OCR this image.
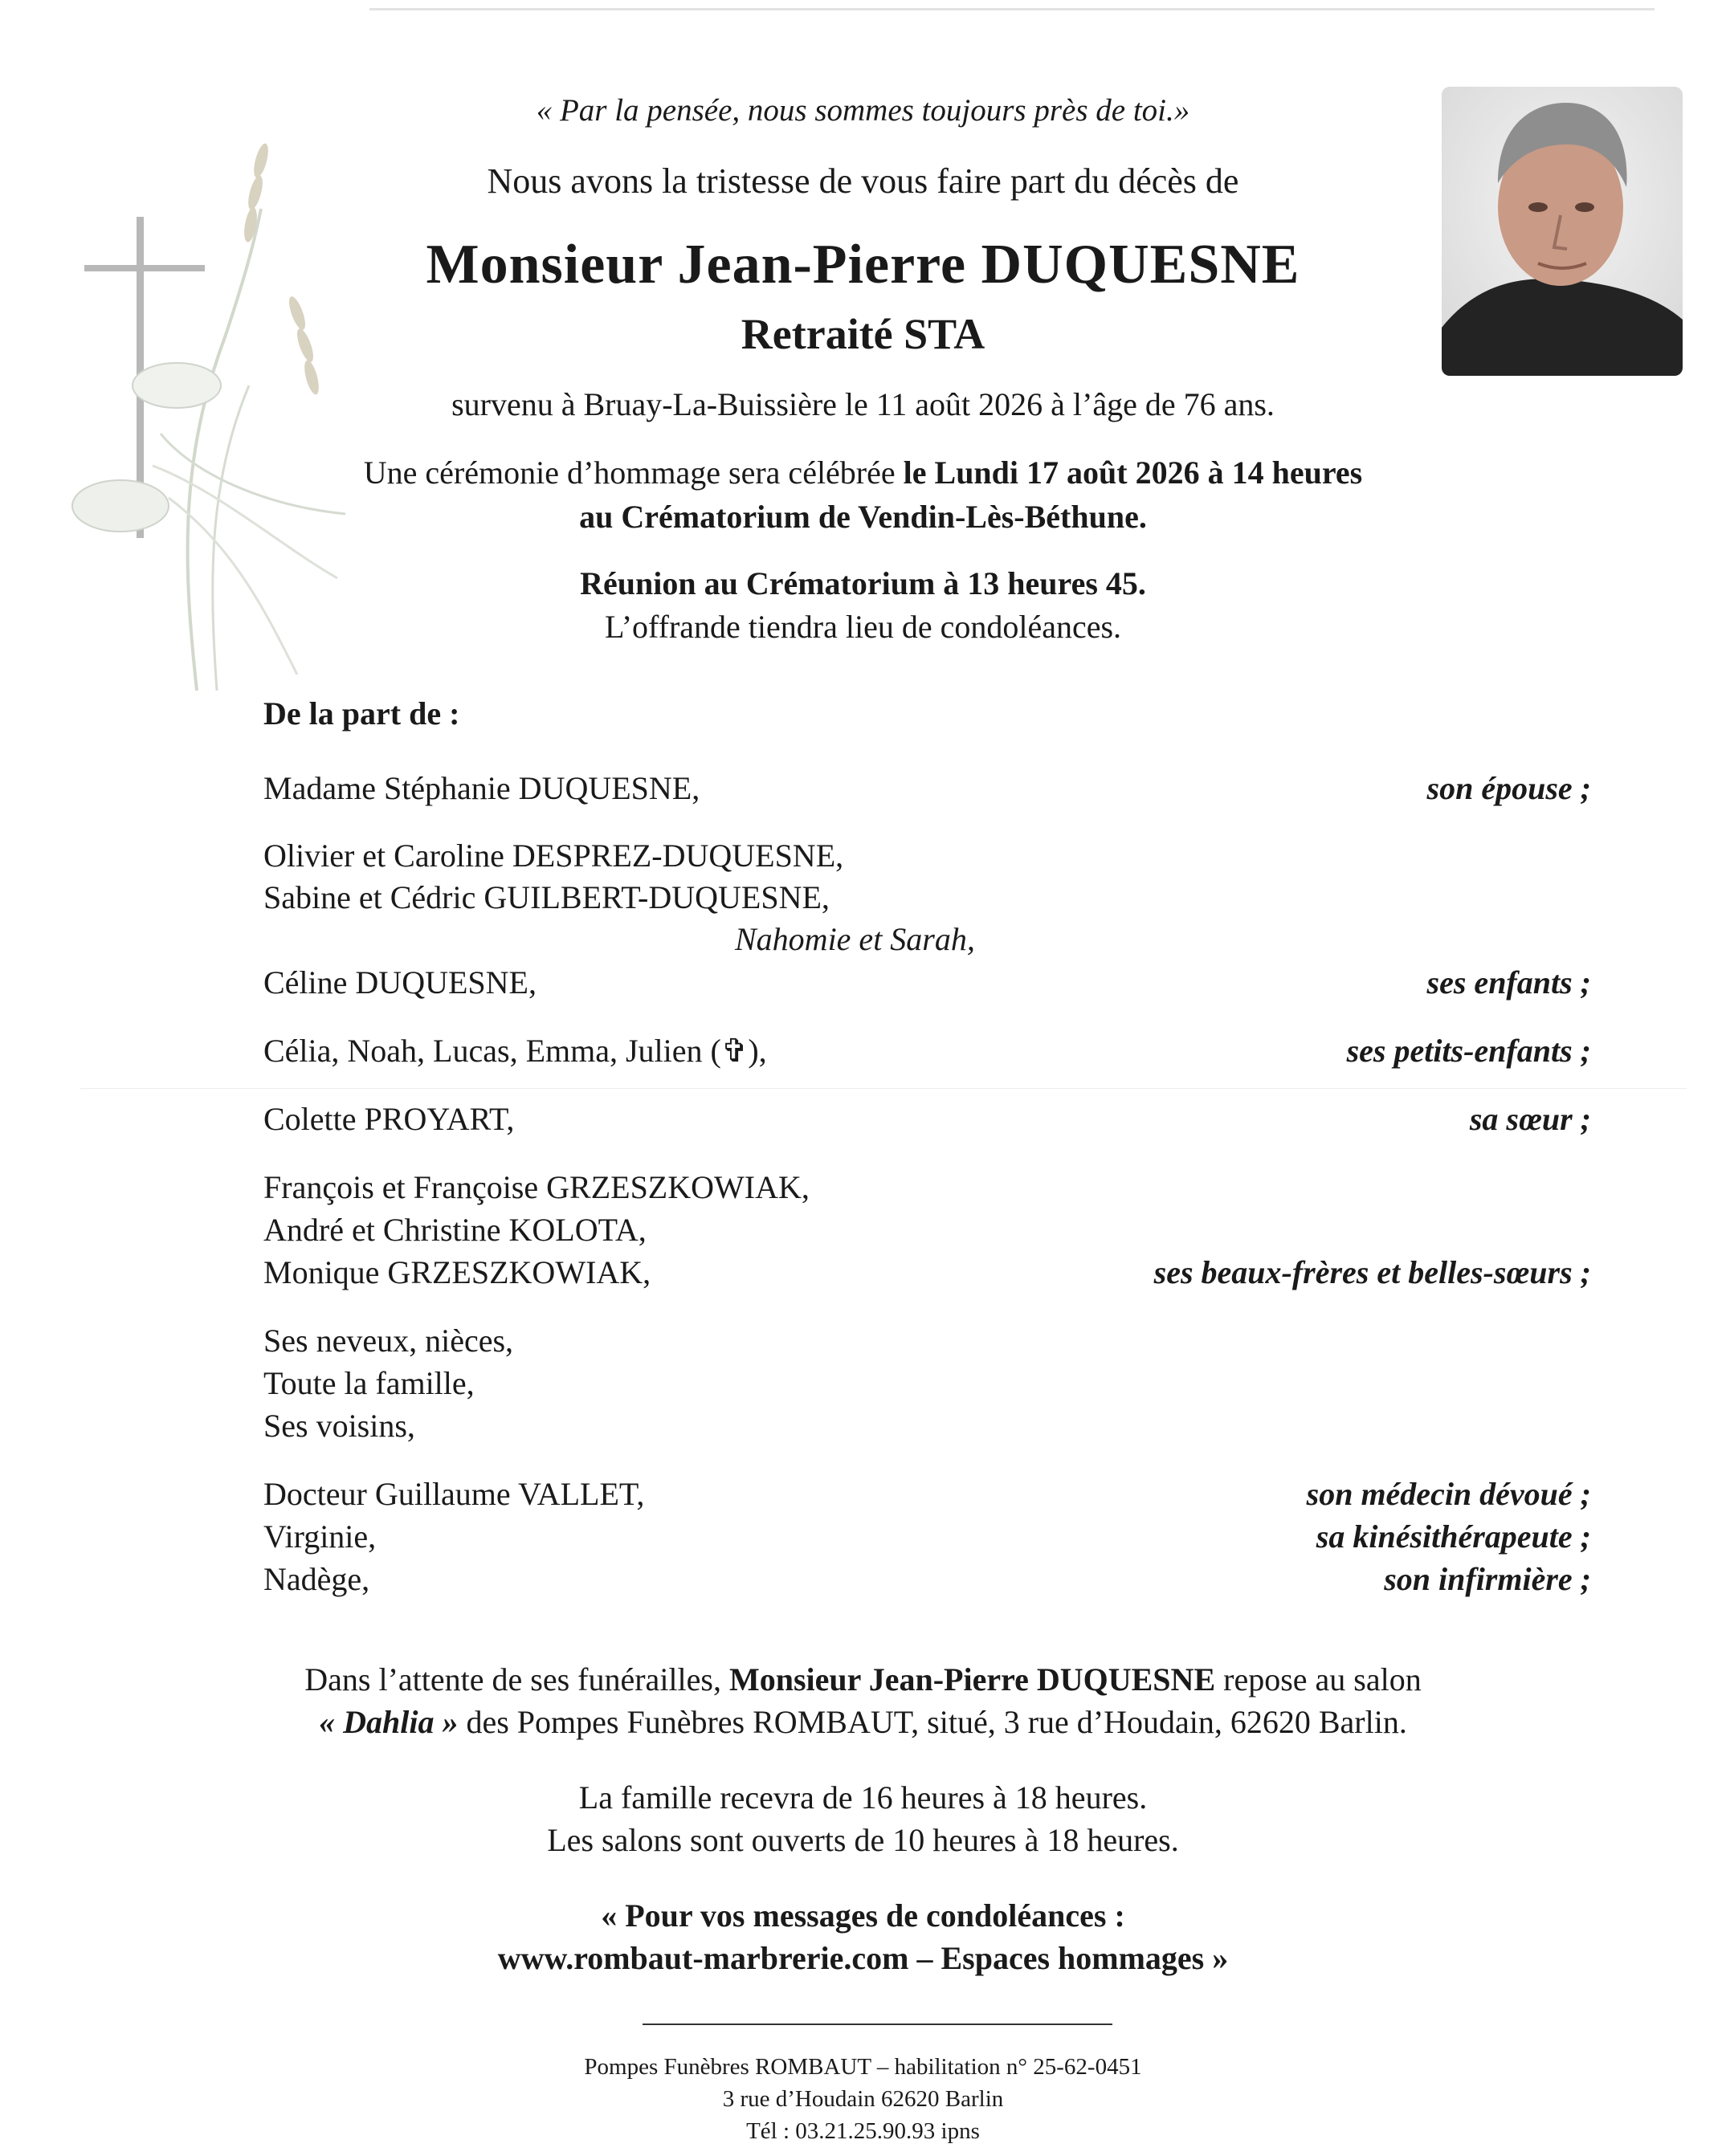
« Par la pensée, nous sommes toujours près de toi.»
Nous avons la tristesse de vous faire part du décès de
Monsieur Jean-Pierre DUQUESNE
Retraité STA
survenu à Bruay-La-Buissière le 11 août 2026 à l’âge de 76 ans.
Une cérémonie d’hommage sera célébrée le Lundi 17 août 2026 à 14 heures
au Crématorium de Vendin-Lès-Béthune.
Réunion au Crématorium à 13 heures 45.
L’offrande tiendra lieu de condoléances.
De la part de :
Madame Stéphanie DUQUESNE,	son épouse ;
Olivier et Caroline DESPREZ-DUQUESNE,
Sabine et Cédric GUILBERT-DUQUESNE,
Nahomie et Sarah,
Céline DUQUESNE,	ses enfants ;
Célia, Noah, Lucas, Emma, Julien (✞),	ses petits-enfants ;
Colette PROYART,	sa sœur ;
François et Françoise GRZESZKOWIAK,
André et Christine KOLOTA,
Monique GRZESZKOWIAK,	ses beaux-frères et belles-sœurs ;
Ses neveux, nièces,
Toute la famille,
Ses voisins,
Docteur Guillaume VALLET,	son médecin dévoué ;
Virginie,	sa kinésithérapeute ;
Nadège,	son infirmière ;
Dans l’attente de ses funérailles, Monsieur Jean-Pierre DUQUESNE repose au salon
« Dahlia » des Pompes Funèbres ROMBAUT, situé, 3 rue d’Houdain, 62620 Barlin.
La famille recevra de 16 heures à 18 heures.
Les salons sont ouverts de 10 heures à 18 heures.
« Pour vos messages de condoléances :
www.rombaut-marbrerie.com – Espaces hommages »
Pompes Funèbres ROMBAUT – habilitation n° 25-62-0451
3 rue d’Houdain 62620 Barlin
Tél : 03.21.25.90.93 ipns
